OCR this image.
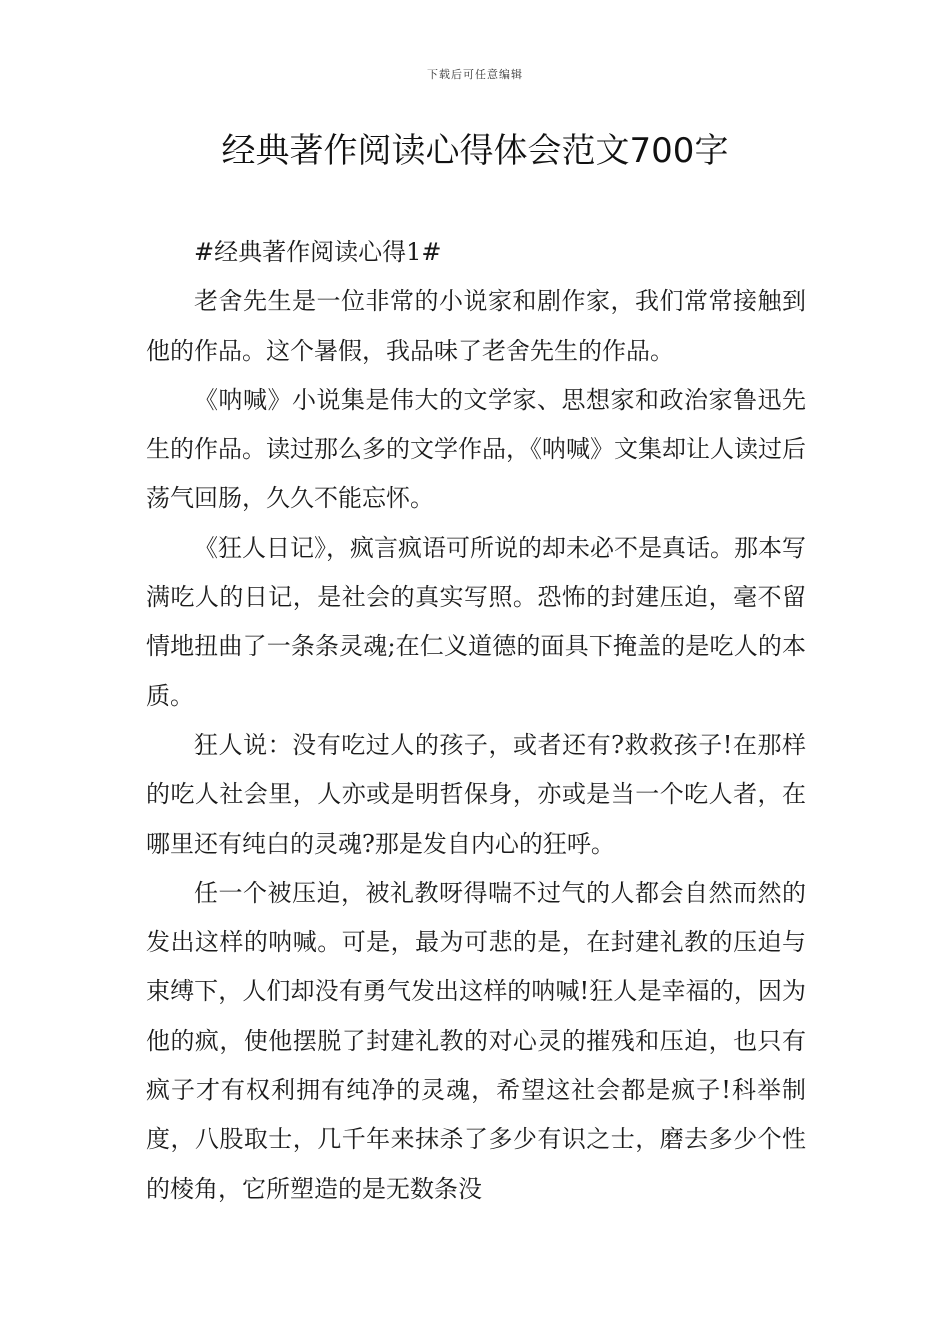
下载后可任意编辑
经典著作阅读心得体会范文700字

#经典著作阅读心得1#

老舍先生是一位非常的小说家和剧作家，我们常常接触到他的作品。这个暑假，我品味了老舍先生的作品。

《呐喊》小说集是伟大的文学家、思想家和政治家鲁迅先生的作品。读过那么多的文学作品，《呐喊》文集却让人读过后荡气回肠，久久不能忘怀。

《狂人日记》，疯言疯语可所说的却未必不是真话。那本写满吃人的日记，是社会的真实写照。恐怖的封建压迫，毫不留情地扭曲了一条条灵魂;在仁义道德的面具下掩盖的是吃人的本质。

狂人说：没有吃过人的孩子，或者还有?救救孩子!在那样的吃人社会里，人亦或是明哲保身，亦或是当一个吃人者，在哪里还有纯白的灵魂?那是发自内心的狂呼。

任一个被压迫，被礼教呀得喘不过气的人都会自然而然的发出这样的呐喊。可是，最为可悲的是，在封建礼教的压迫与束缚下，人们却没有勇气发出这样的呐喊!狂人是幸福的，因为他的疯，使他摆脱了封建礼教的对心灵的摧残和压迫，也只有疯子才有权利拥有纯净的灵魂，希望这社会都是疯子!科举制度，八股取士，几千年来抹杀了多少有识之士，磨去多少个性的棱角，它所塑造的是无数条没
